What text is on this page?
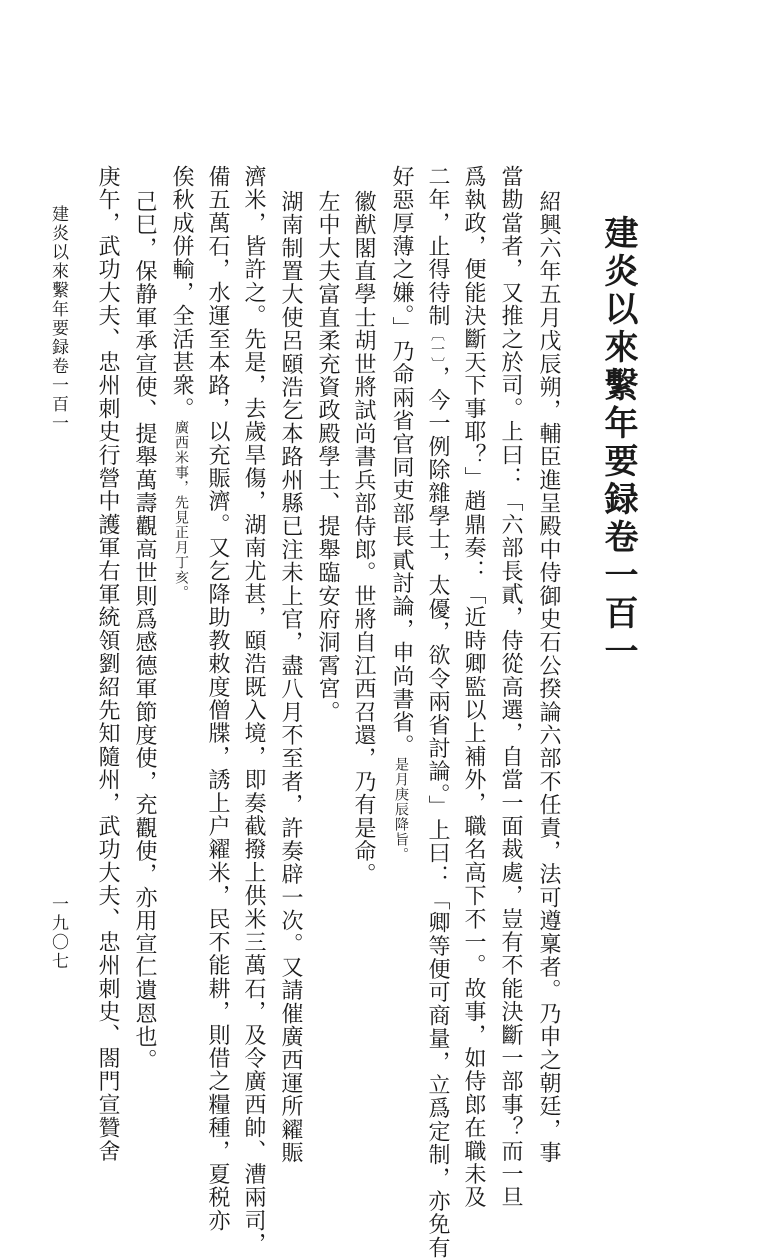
建炎以來繫年要録卷一百一
紹興六年五月戊辰朔，輔臣進呈殿中侍御史石公揆論六部不任責，法可遵稟者。乃申之朝廷，事
當勘當者，又推之於司。上曰：「六部長貳，侍從高選，自當一面裁處，豈有不能決斷一部事？而一旦
爲執政，便能決斷天下事耶？」趙鼎奏：「近時卿監以上補外，職名高下不一。故事，如侍郎在職未及
二年，止得待制〔一〕，今一例除雜學士，太優，欲令兩省討論。」上曰：「卿等便可商量，立爲定制，亦免有
好惡厚薄之嫌。」乃命兩省官同吏部長貳討論，申尚書省。是月庚辰降旨。
徽猷閣直學士胡世將試尚書兵部侍郎。世將自江西召還，乃有是命。
左中大夫富直柔充資政殿學士、提舉臨安府洞霄宮。
湖南制置大使呂頤浩乞本路州縣已注未上官，盡八月不至者，許奏辟一次。又請催廣西運所糴賑
濟米，皆許之。先是，去歲旱傷，湖南尤甚，頤浩既入境，即奏截撥上供米三萬石，及令廣西帥、漕兩司，
備五萬石，水運至本路，以充賑濟。又乞降助教敕度僧牒，誘上户糴米，民不能耕，則借之糧種，夏税亦
俟秋成併輸，全活甚衆。廣西米事，先見正月丁亥。
己巳，保静軍承宣使、提舉萬壽觀高世則爲感德軍節度使，充觀使，亦用宣仁遺恩也。
庚午，武功大夫、忠州刺史行營中護軍右軍統領劉紹先知隨州，武功大夫、忠州刺史、閤門宣贊舍
建炎以來繫年要録卷一百一
一九〇七
